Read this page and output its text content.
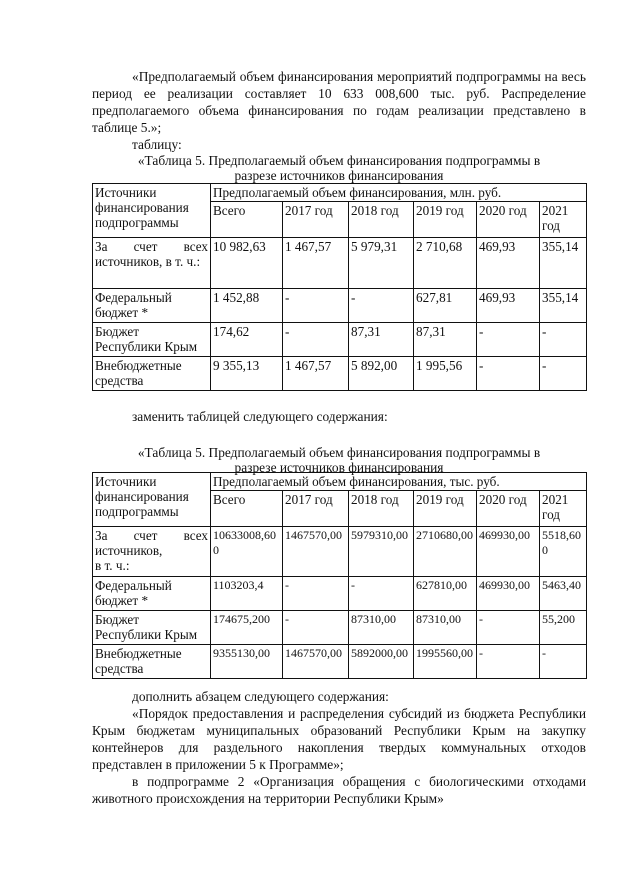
«Предполагаемый объем финансирования мероприятий подпрограммы на весь период ее реализации составляет 10 633 008,600 тыс. руб. Распределение предполагаемого объема финансирования по годам реализации представлено в таблице 5.»;
таблицу:
«Таблица 5. Предполагаемый объем финансирования подпрограммы в
разрезе источников финансирования
Источники финансирования подпрограммы	Предполагаемый объем финансирования, млн. руб.					
	Всего	2017 год	2018 год	2019 год	2020 год	2021 год

За счет всех
источников, в т. ч.:	10 982,63	1 467,57	5 979,31	2 710,68	469,93	355,14

Федеральный
бюджет *	1 452,88	-	-	627,81	469,93	355,14

Бюджет
Республики Крым	174,62	-	87,31	87,31	-	-

Внебюджетные
средства	9 355,13	1 467,57	5 892,00	1 995,56	-	-
заменить таблицей следующего содержания:
«Таблица 5. Предполагаемый объем финансирования подпрограммы в
разрезе источников финансирования
Источники финансирования подпрограммы	Предполагаемый объем финансирования, тыс. руб.					
	Всего	2017 год	2018 год	2019 год	2020 год	2021 год

За счет всех
источников,
в т. ч.:	10633008,600	1467570,00	5979310,00	2710680,00	469930,00	5518,600

Федеральный
бюджет *	1103203,4	-	-	627810,00	469930,00	5463,40

Бюджет
Республики Крым	174675,200	-	87310,00	87310,00	-	55,200

Внебюджетные
средства	9355130,00	1467570,00	5892000,00	1995560,00	-	-
дополнить абзацем следующего содержания:
«Порядок предоставления и распределения субсидий из бюджета Республики Крым бюджетам муниципальных образований Республики Крым на закупку контейнеров для раздельного накопления твердых коммунальных отходов представлен в приложении 5 к Программе»;
в подпрограмме 2 «Организация обращения с биологическими отходами животного происхождения на территории Республики Крым»
